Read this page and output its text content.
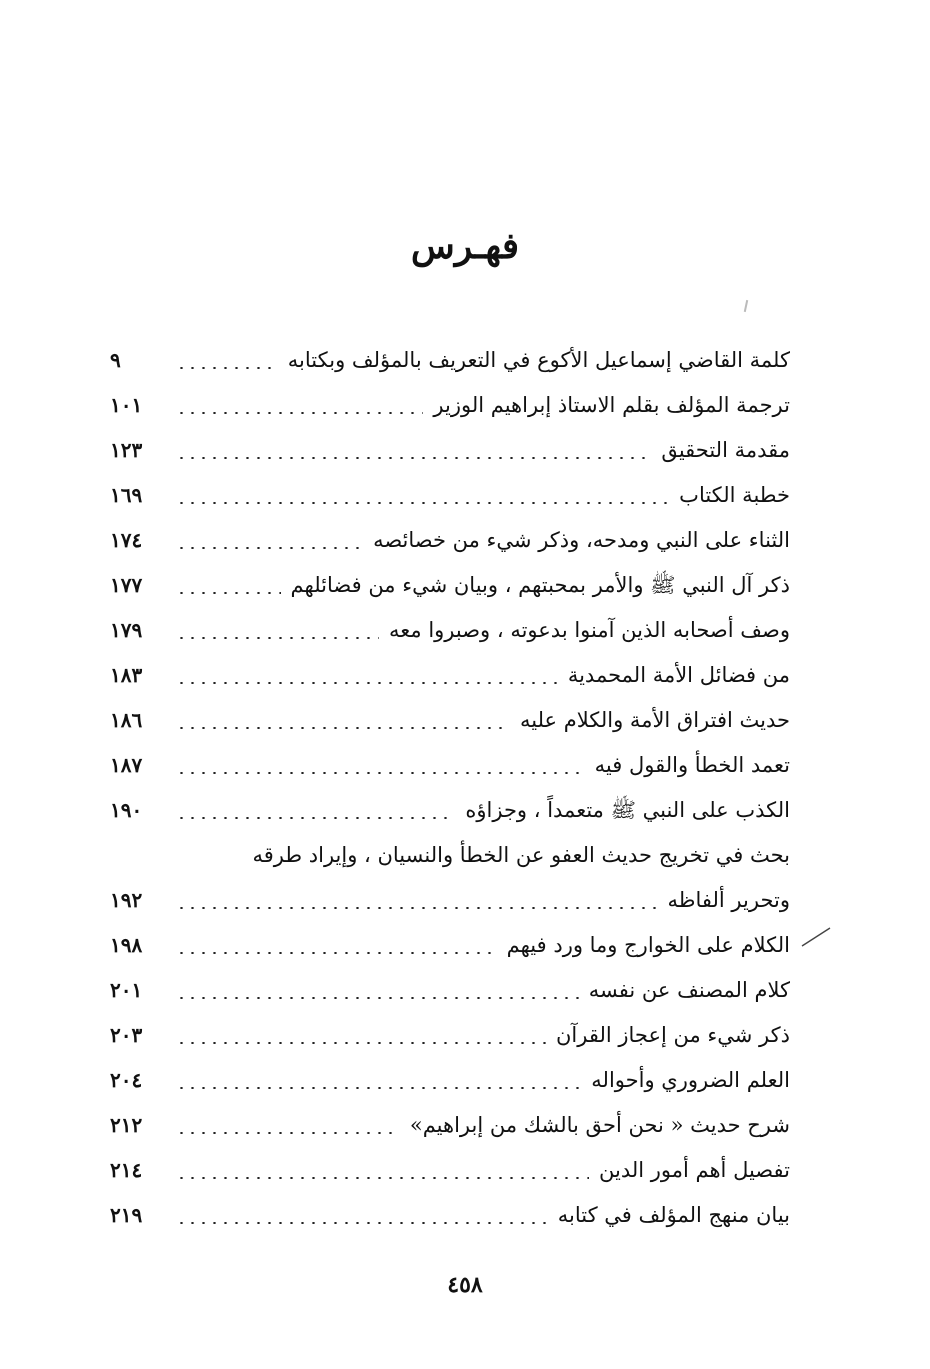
فهـرس
كلمة القاضي إسماعيل الأكوع في التعريف بالمؤلف وبكتابه
٩
ترجمة المؤلف بقلم الاستاذ إبراهيم الوزير
١٠١
مقدمة التحقيق
١٢٣
خطبة الكتاب
١٦٩
الثناء على النبي ومدحه، وذكر شيء من خصائصه
١٧٤
ذكر آل النبي ﷺ والأمر بمحبتهم ، وبيان شيء من فضائلهم
١٧٧
وصف أصحابه الذين آمنوا بدعوته ، وصبروا معه
١٧٩
من فضائل الأمة المحمدية
١٨٣
حديث افتراق الأمة والكلام عليه
١٨٦
تعمد الخطأ والقول فيه
١٨٧
الكذب على النبي ﷺ متعمداً ، وجزاؤه
١٩٠
بحث في تخريج حديث العفو عن الخطأ والنسيان ، وإيراد طرقه
وتحرير ألفاظه
١٩٢
الكلام على الخوارج وما ورد فيهم
١٩٨
كلام المصنف عن نفسه
٢٠١
ذكر شيء من إعجاز القرآن
٢٠٣
العلم الضروري وأحواله
٢٠٤
شرح حديث « نحن أحق بالشك من إبراهيم»
٢١٢
تفصيل أهم أمور الدين
٢١٤
بيان منهج المؤلف في كتابه
٢١٩
٤٥٨
